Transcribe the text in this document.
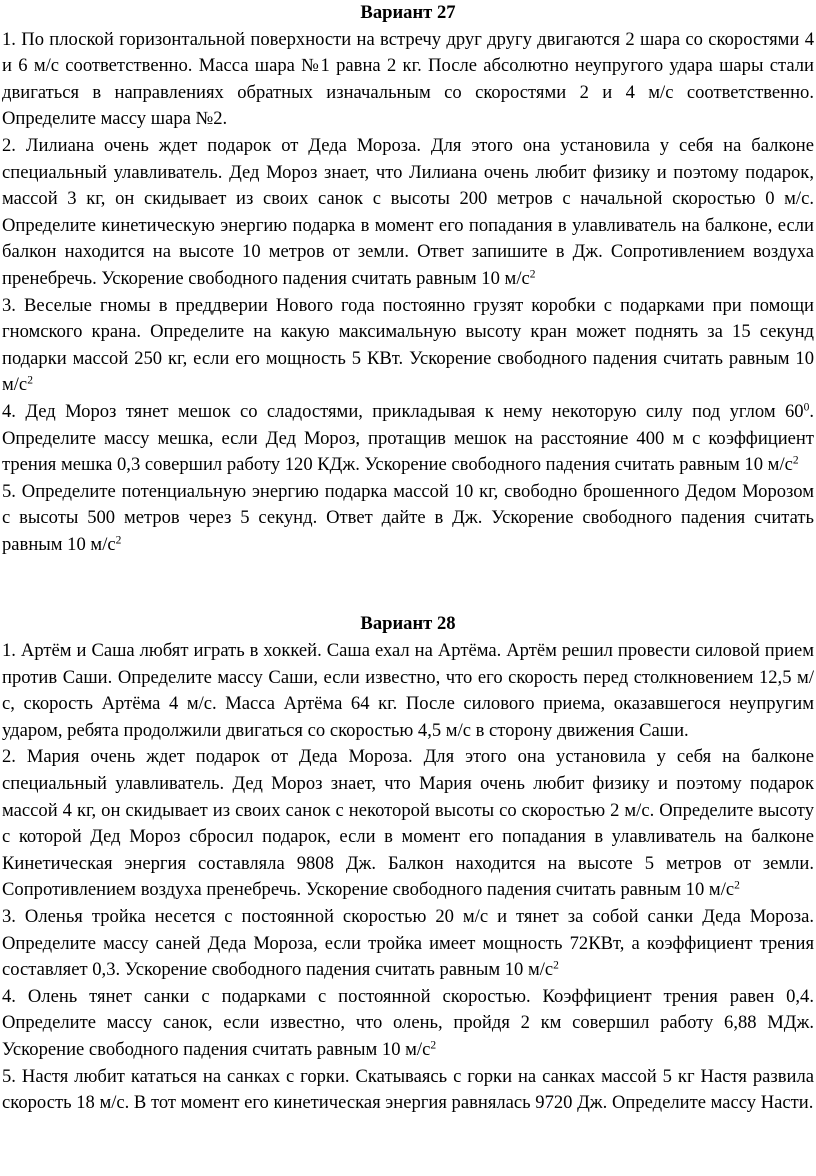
Вариант 27

1. По плоской горизонтальной поверхности на встречу друг другу двигаются 2 шара со скоростями 4 и 6 м/с соответственно. Масса шара №1 равна 2 кг. После абсолютно неупругого удара шары стали двигаться в направлениях обратных изначальным со скоростями 2 и 4 м/с соответственно. Определите массу шара №2.

2. Лилиана очень ждет подарок от Деда Мороза. Для этого она установила у себя на балконе специальный улавливатель. Дед Мороз знает, что Лилиана очень любит физику и поэтому подарок, массой 3 кг, он скидывает из своих санок с высоты 200 метров с начальной скоростью 0 м/с. Определите кинетическую энергию подарка в момент его попадания в улавливатель на балконе, если балкон находится на высоте 10 метров от земли. Ответ запишите в Дж. Сопротивлением воздуха пренебречь. Ускорение свободного падения считать равным 10 $м/с^2$

3. Веселые гномы в преддверии Нового года постоянно грузят коробки с подарками при помощи гномского крана. Определите на какую максимальную высоту кран может поднять за 15 секунд подарки массой 250 кг, если его мощность 5 КВт. Ускорение свободного падения считать равным 10 $м/с^2$

4. Дед Мороз тянет мешок со сладостями, прикладывая к нему некоторую силу под углом $60^0$. Определите массу мешка, если Дед Мороз, протащив мешок на расстояние 400 м с коэффициент трения мешка 0,3 совершил работу 120 КДж. Ускорение свободного падения считать равным 10 $м/с^2$

5. Определите потенциальную энергию подарка массой 10 кг, свободно брошенного Дедом Морозом с высоты 500 метров через 5 секунд. Ответ дайте в Дж. Ускорение свободного падения считать равным 10 $м/с^2$

Вариант 28

1. Артём и Саша любят играть в хоккей. Саша ехал на Артёма. Артём решил провести силовой прием против Саши. Определите массу Саши, если известно, что его скорость перед столкновением 12,5 м/с, скорость Артёма 4 м/с. Масса Артёма 64 кг. После силового приема, оказавшегося неупругим ударом, ребята продолжили двигаться со скоростью 4,5 м/с в сторону движения Саши.

2. Мария очень ждет подарок от Деда Мороза. Для этого она установила у себя на балконе специальный улавливатель. Дед Мороз знает, что Мария очень любит физику и поэтому подарок массой 4 кг, он скидывает из своих санок с некоторой высоты со скоростью 2 м/с. Определите высоту с которой Дед Мороз сбросил подарок, если в момент его попадания в улавливатель на балконе Кинетическая энергия составляла 9808 Дж. Балкон находится на высоте 5 метров от земли. Сопротивлением воздуха пренебречь. Ускорение свободного падения считать равным 10 $м/с^2$

3. Оленья тройка несется с постоянной скоростью 20 м/с и тянет за собой санки Деда Мороза. Определите массу саней Деда Мороза, если тройка имеет мощность 72КВт, а коэффициент трения составляет 0,3. Ускорение свободного падения считать равным 10 $м/с^2$

4. Олень тянет санки с подарками с постоянной скоростью. Коэффициент трения равен 0,4. Определите массу санок, если известно, что олень, пройдя 2 км совершил работу 6,88 МДж. Ускорение свободного падения считать равным 10 $м/с^2$

5. Настя любит кататься на санках с горки. Скатываясь с горки на санках массой 5 кг Настя развила скорость 18 м/с. В тот момент его кинетическая энергия равнялась 9720 Дж. Определите массу Насти.
